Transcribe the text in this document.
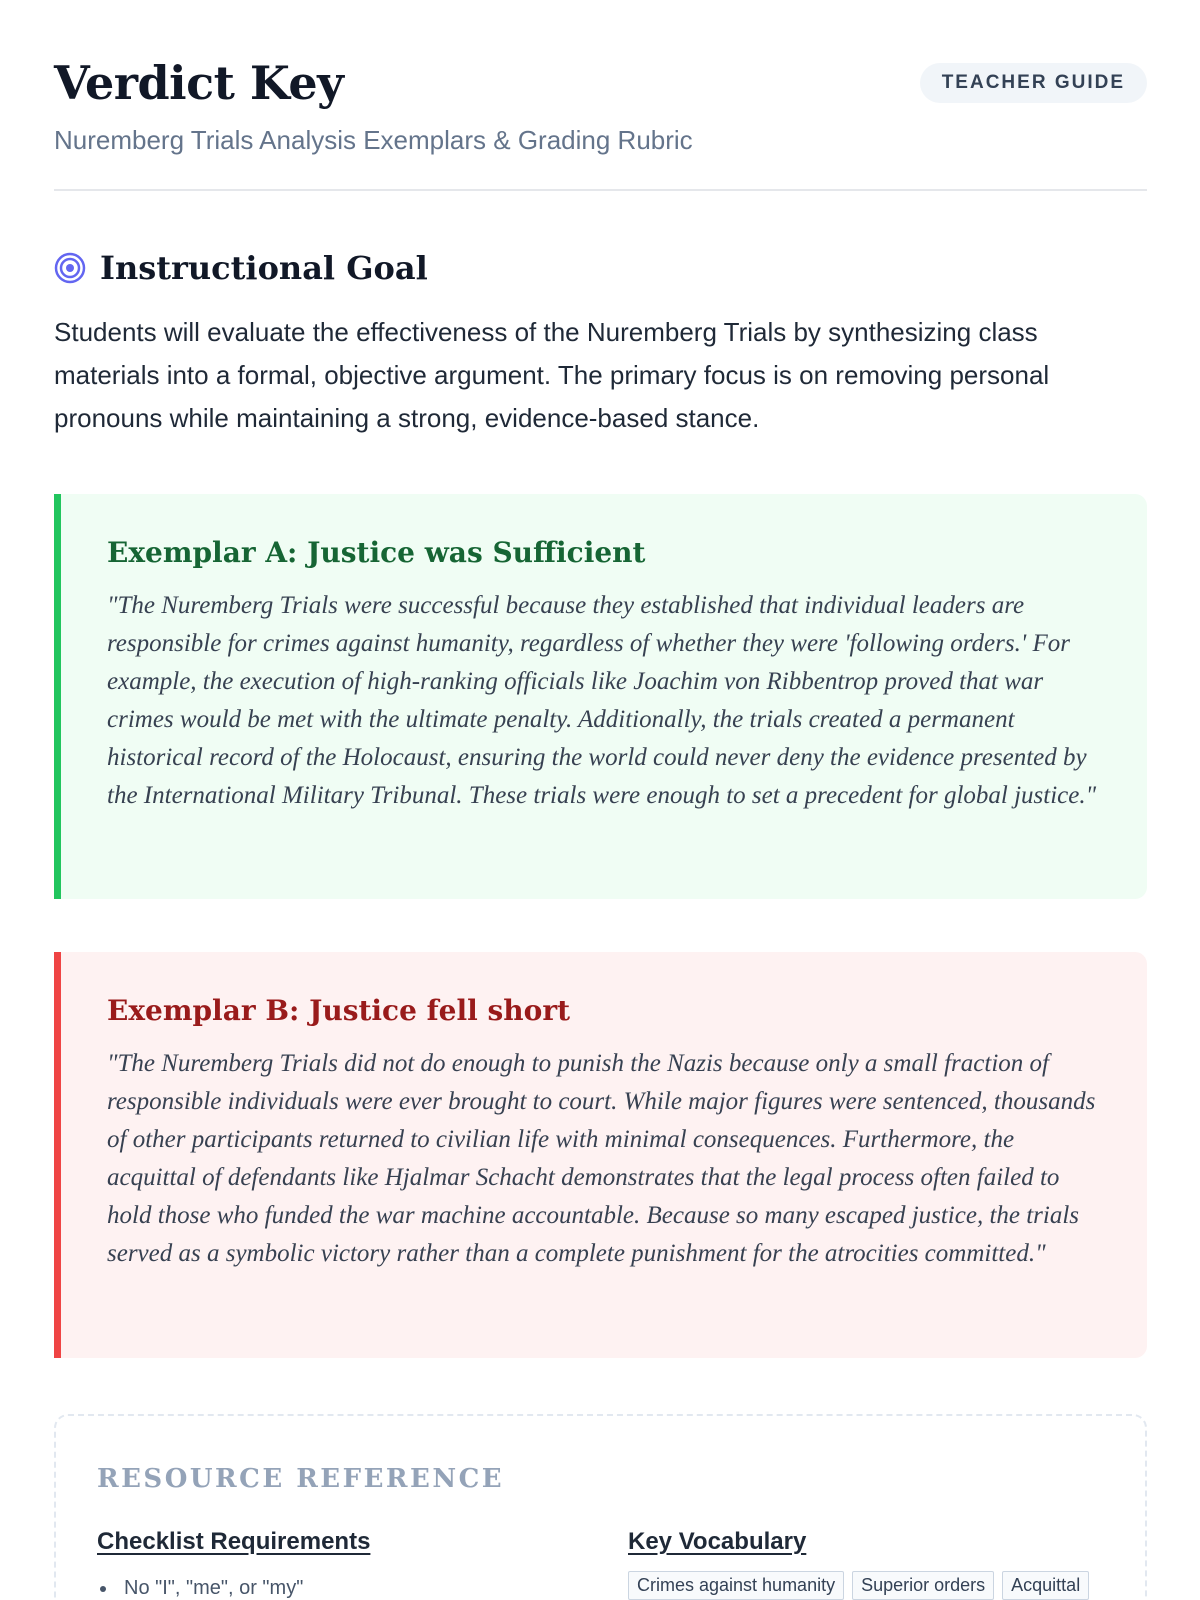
Verdict Key
Nuremberg Trials Analysis Exemplars & Grading Rubric
TEACHER GUIDE
Instructional Goal

Students will evaluate the effectiveness of the Nuremberg Trials by synthesizing class materials into a formal, objective argument. The primary focus is on removing personal pronouns while maintaining a strong, evidence-based stance.

Exemplar A: Justice was Sufficient

"The Nuremberg Trials were successful because they established that individual leaders are responsible for crimes against humanity, regardless of whether they were 'following orders.' For example, the execution of high-ranking officials like Joachim von Ribbentrop proved that war crimes would be met with the ultimate penalty. Additionally, the trials created a permanent historical record of the Holocaust, ensuring the world could never deny the evidence presented by the International Military Tribunal. These trials were enough to set a precedent for global justice."

Exemplar B: Justice fell short

"The Nuremberg Trials did not do enough to punish the Nazis because only a small fraction of responsible individuals were ever brought to court. While major figures were sentenced, thousands of other participants returned to civilian life with minimal consequences. Furthermore, the acquittal of defendants like Hjalmar Schacht demonstrates that the legal process often failed to hold those who funded the war machine accountable. Because so many escaped justice, the trials served as a symbolic victory rather than a complete punishment for the atrocities committed."

RESOURCE REFERENCE
Checklist Requirements
No "I", "me", or "my"
Key Vocabulary
Crimes against humanity	Superior orders	Acquittal
